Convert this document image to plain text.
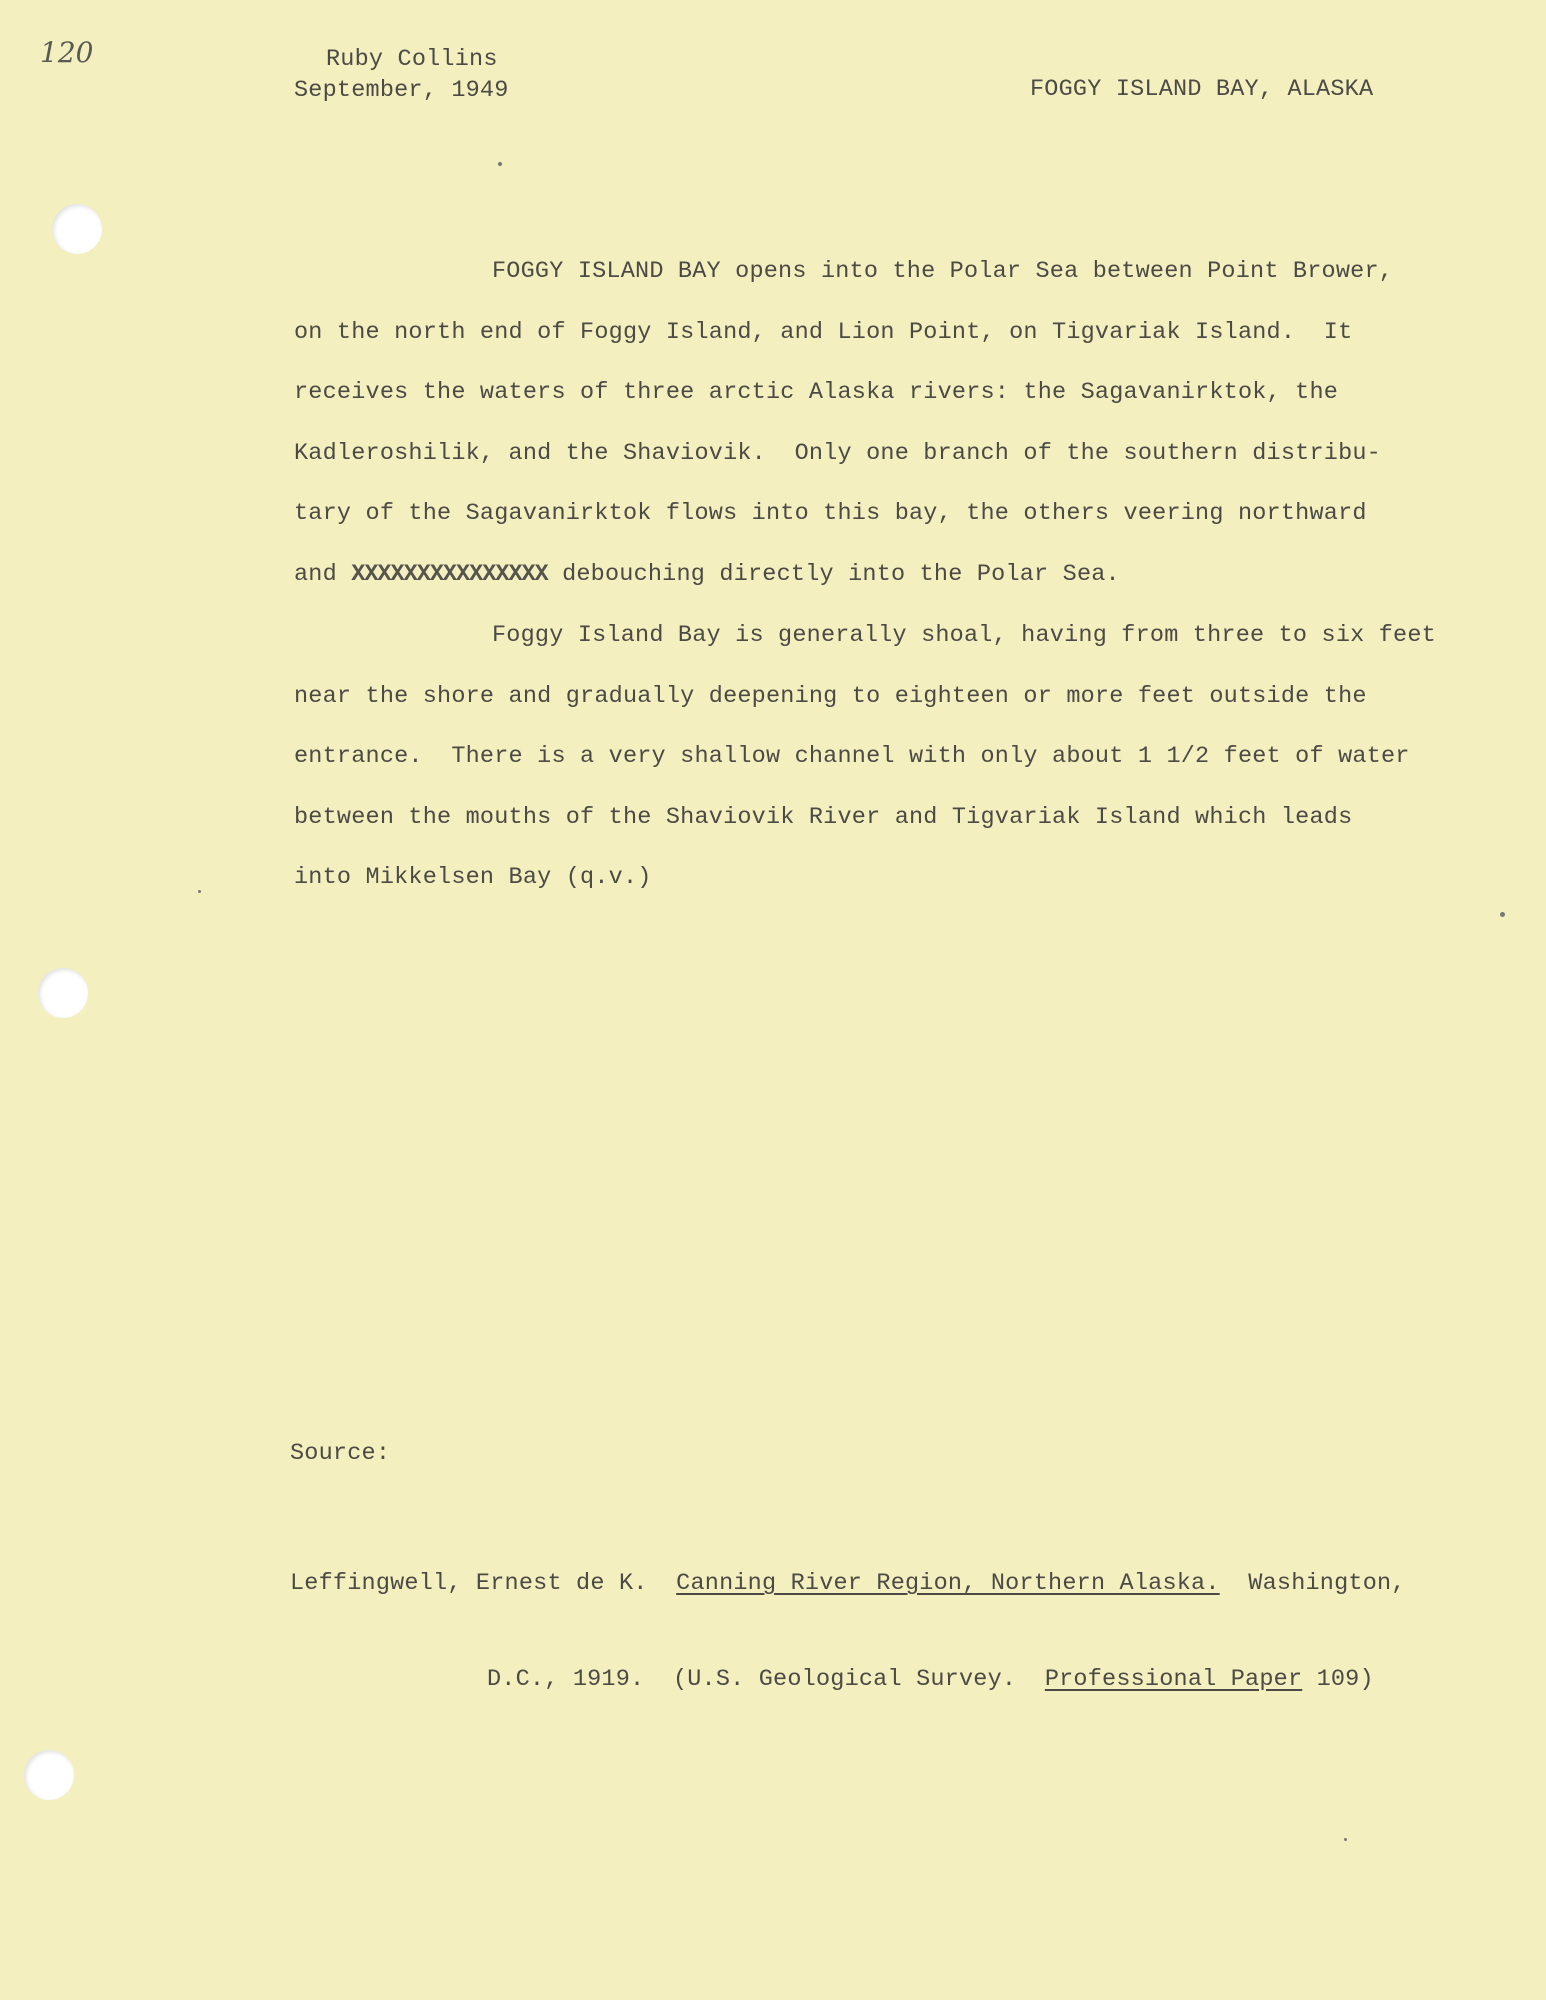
120	Ruby Collins
September, 1949	FOGGY ISLAND BAY, ALASKA
FOGGY ISLAND BAY opens into the Polar Sea between Point Brower,
on the north end of Foggy Island, and Lion Point, on Tigvariak Island.  It
receives the waters of three arctic Alaska rivers: the Sagavanirktok, the
Kadleroshilik, and the Shaviovik.  Only one branch of the southern distribu-
tary of the Sagavanirktok flows into this bay, the others veering northward
and XXXXXXXXXXXXXXX debouching directly into the Polar Sea.
Foggy Island Bay is generally shoal, having from three to six feet
near the shore and gradually deepening to eighteen or more feet outside the
entrance.  There is a very shallow channel with only about 1 1/2 feet of water
between the mouths of the Shaviovik River and Tigvariak Island which leads
into Mikkelsen Bay (q.v.)
Source:

Leffingwell, Ernest de K. Canning River Region, Northern Alaska. Washington,

D.C., 1919. (U.S. Geological Survey. Professional Paper 109)
